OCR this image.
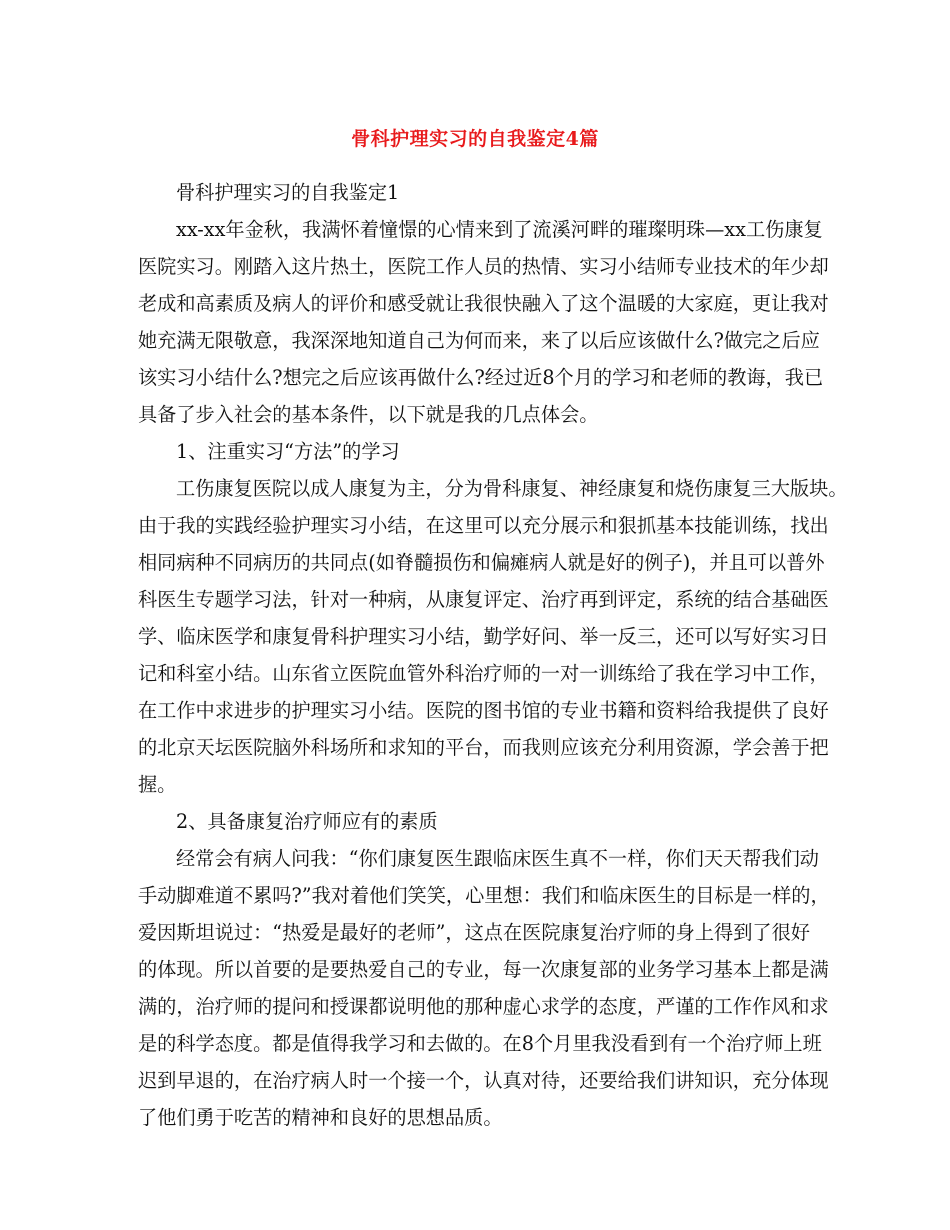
骨科护理实习的自我鉴定4篇
骨科护理实习的自我鉴定1
xx-xx年金秋，我满怀着憧憬的心情来到了流溪河畔的璀璨明珠—xx工伤康复
医院实习。刚踏入这片热土，医院工作人员的热情、实习小结师专业技术的年少却
老成和高素质及病人的评价和感受就让我很快融入了这个温暖的大家庭，更让我对
她充满无限敬意，我深深地知道自己为何而来，来了以后应该做什么?做完之后应
该实习小结什么?想完之后应该再做什么?经过近8个月的学习和老师的教诲，我已
具备了步入社会的基本条件，以下就是我的几点体会。
1、注重实习“方法”的学习
工伤康复医院以成人康复为主，分为骨科康复、神经康复和烧伤康复三大版块。
由于我的实践经验护理实习小结，在这里可以充分展示和狠抓基本技能训练，找出
相同病种不同病历的共同点(如脊髓损伤和偏瘫病人就是好的例子)，并且可以普外
科医生专题学习法，针对一种病，从康复评定、治疗再到评定，系统的结合基础医
学、临床医学和康复骨科护理实习小结，勤学好问、举一反三，还可以写好实习日
记和科室小结。山东省立医院血管外科治疗师的一对一训练给了我在学习中工作，
在工作中求进步的护理实习小结。医院的图书馆的专业书籍和资料给我提供了良好
的北京天坛医院脑外科场所和求知的平台，而我则应该充分利用资源，学会善于把
握。
2、具备康复治疗师应有的素质
经常会有病人问我：“你们康复医生跟临床医生真不一样，你们天天帮我们动
手动脚难道不累吗?”我对着他们笑笑，心里想：我们和临床医生的目标是一样的，
爱因斯坦说过：“热爱是最好的老师”，这点在医院康复治疗师的身上得到了很好
的体现。所以首要的是要热爱自己的专业，每一次康复部的业务学习基本上都是满
满的，治疗师的提问和授课都说明他的那种虚心求学的态度，严谨的工作作风和求
是的科学态度。都是值得我学习和去做的。在8个月里我没看到有一个治疗师上班
迟到早退的，在治疗病人时一个接一个，认真对待，还要给我们讲知识，充分体现
了他们勇于吃苦的精神和良好的思想品质。
